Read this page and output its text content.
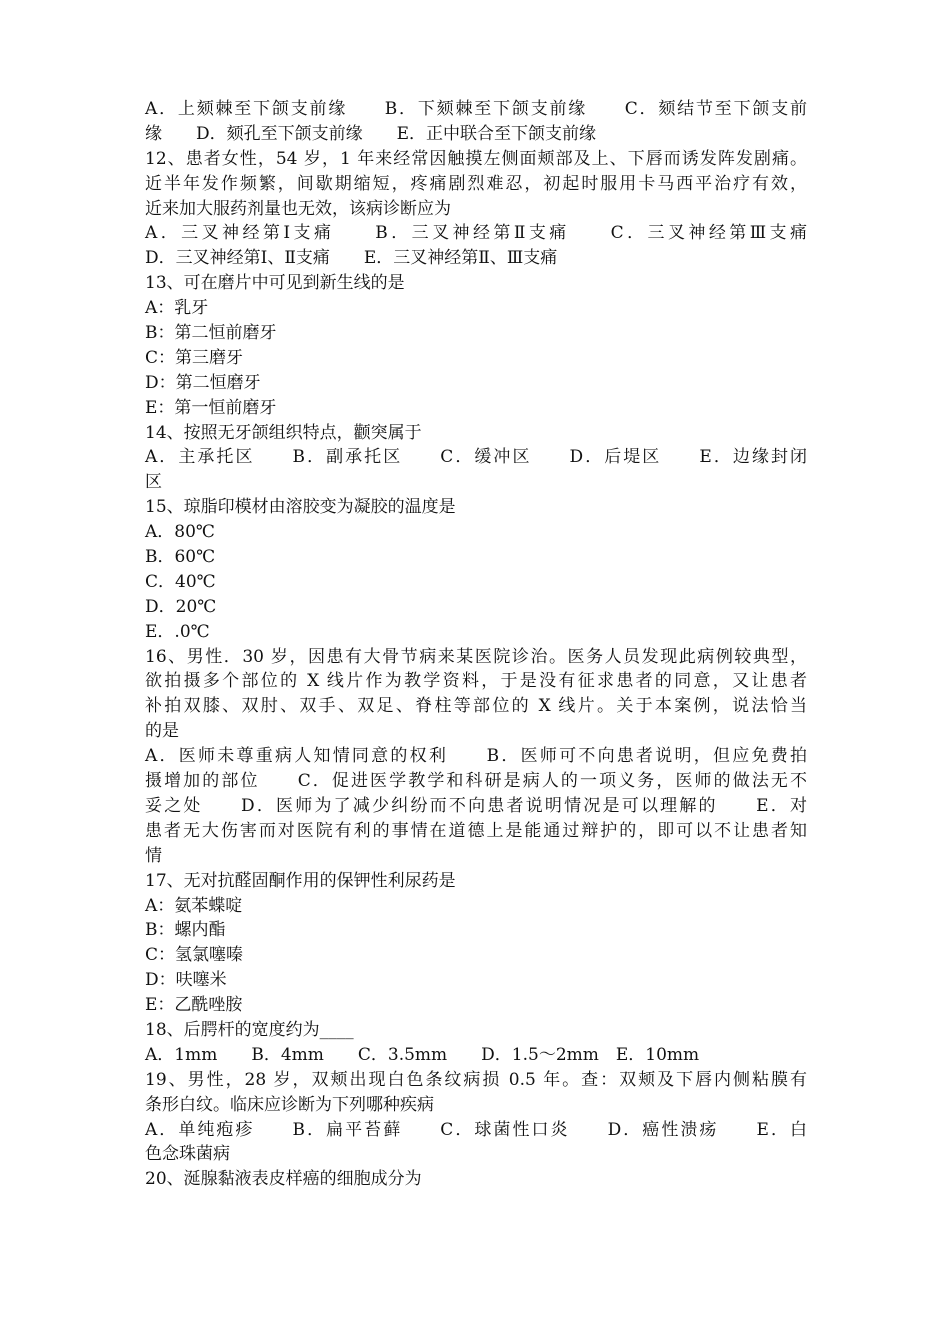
A．上颏棘至下颌支前缘　　B．下颏棘至下颌支前缘　　C．颏结节至下颌支前
缘　　D．颏孔至下颌支前缘　　E．正中联合至下颌支前缘
12、患者女性，54 岁，1 年来经常因触摸左侧面颊部及上、下唇而诱发阵发剧痛。
近半年发作频繁，间歇期缩短，疼痛剧烈难忍，初起时服用卡马西平治疗有效，
近来加大服药剂量也无效，该病诊断应为
A．三叉神经第Ⅰ支痛　　B．三叉神经第Ⅱ支痛　　C．三叉神经第Ⅲ支痛
D．三叉神经第Ⅰ、Ⅱ支痛　　E．三叉神经第Ⅱ、Ⅲ支痛
13、可在磨片中可见到新生线的是
A：乳牙
B：第二恒前磨牙
C：第三磨牙
D：第二恒磨牙
E：第一恒前磨牙
14、按照无牙颌组织特点，颧突属于
A．主承托区　　B．副承托区　　C．缓冲区　　D．后堤区　　E．边缘封闭
区
15、琼脂印模材由溶胶变为凝胶的温度是
A．80℃
B．60℃
C．40℃
D．20℃
E．.0℃
16、男性．30 岁，因患有大骨节病来某医院诊治。医务人员发现此病例较典型，
欲拍摄多个部位的 X 线片作为教学资料，于是没有征求患者的同意，又让患者
补拍双膝、双肘、双手、双足、脊柱等部位的 X 线片。关于本案例，说法恰当
的是
A．医师未尊重病人知情同意的权利　　B．医师可不向患者说明，但应免费拍
摄增加的部位　　C．促进医学教学和科研是病人的一项义务，医师的做法无不
妥之处　　D．医师为了减少纠纷而不向患者说明情况是可以理解的　　E．对
患者无大伤害而对医院有利的事情在道德上是能通过辩护的，即可以不让患者知
情
17、无对抗醛固酮作用的保钾性利尿药是
A：氨苯蝶啶
B：螺内酯
C：氢氯噻嗪
D：呋噻米
E：乙酰唑胺
18、后腭杆的宽度约为____
A．1mm　　B．4mm　　C．3.5mm　　D．1.5～2mm　E．10mm
19、男性，28 岁，双颊出现白色条纹病损 0.5 年。查：双颊及下唇内侧粘膜有
条形白纹。临床应诊断为下列哪种疾病
A．单纯疱疹　　B．扁平苔藓　　C．球菌性口炎　　D．癌性溃疡　　E．白
色念珠菌病
20、涎腺黏液表皮样癌的细胞成分为
